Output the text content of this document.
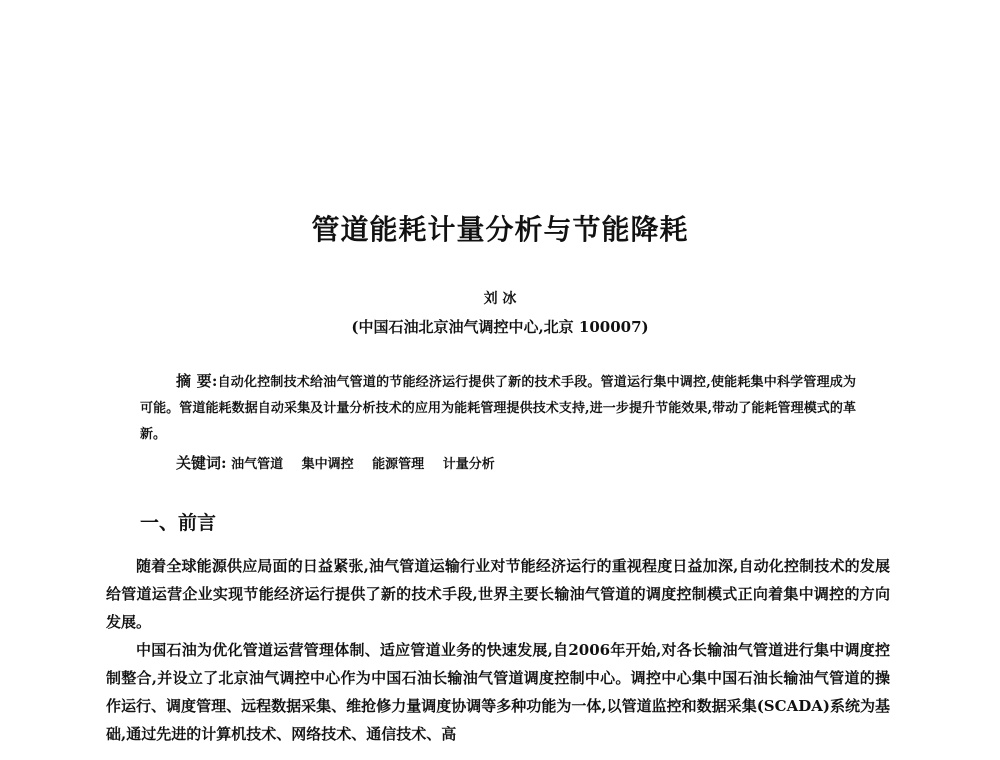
管道能耗计量分析与节能降耗
刘 冰
(中国石油北京油气调控中心,北京 100007)
摘 要:自动化控制技术给油气管道的节能经济运行提供了新的技术手段。管道运行集中调控,使能耗集中科学管理成为可能。管道能耗数据自动采集及计量分析技术的应用为能耗管理提供技术支持,进一步提升节能效果,带动了能耗管理模式的革新。
关键词: 油气管道 集中调控 能源管理 计量分析
一、前言

随着全球能源供应局面的日益紧张,油气管道运输行业对节能经济运行的重视程度日益加深,自动化控制技术的发展给管道运营企业实现节能经济运行提供了新的技术手段,世界主要长输油气管道的调度控制模式正向着集中调控的方向发展。

中国石油为优化管道运营管理体制、适应管道业务的快速发展,自2006年开始,对各长输油气管道进行集中调度控制整合,并设立了北京油气调控中心作为中国石油长输油气管道调度控制中心。调控中心集中国石油长输油气管道的操作运行、调度管理、远程数据采集、维抢修力量调度协调等多种功能为一体,以管道监控和数据采集(SCADA)系统为基础,通过先进的计算机技术、网络技术、通信技术、高
